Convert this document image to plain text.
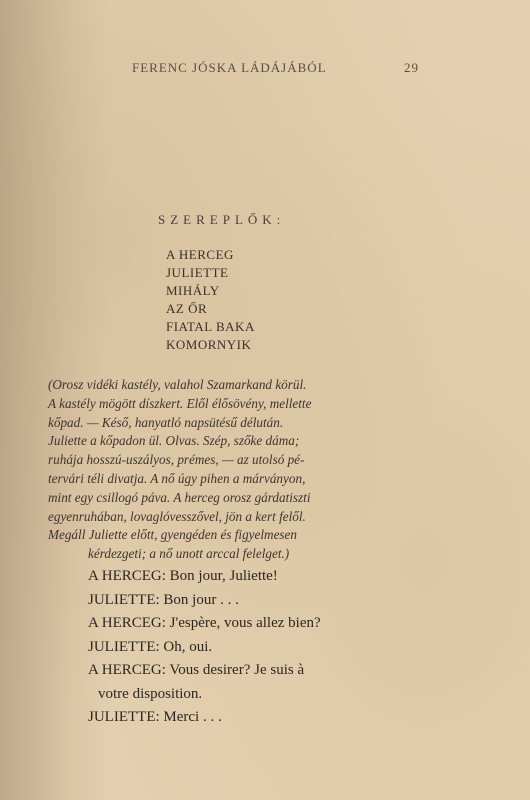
FERENC JÓSKA LÁDÁJÁBÓL	29
SZEREPLŐK:
A HERCEG
JULIETTE
MIHÁLY
AZ ŐR
FIATAL BAKA
KOMORNYIK
(Orosz vidéki kastély, valahol Szamarkand körül.
A kastély mögött díszkert. Elől élősövény, mellette
kőpad. — Késő, hanyatló napsütésű délután.
Juliette a kőpadon ül. Olvas. Szép, szőke dáma;
ruhája hosszú-uszályos, prémes, — az utolsó pé-
tervári téli divatja. A nő úgy pihen a márványon,
mint egy csillogó páva. A herceg orosz gárdatiszti
egyenruhában, lovaglóvesszővel, jön a kert felől.
Megáll Juliette előtt, gyengéden és figyelmesen
kérdezgeti; a nő unott arccal felelget.)
A HERCEG: Bon jour, Juliette!
JULIETTE: Bon jour . . .
A HERCEG: J'espère, vous allez bien?
JULIETTE: Oh, oui.
A HERCEG: Vous desirer? Je suis à
votre disposition.
JULIETTE: Merci . . .
